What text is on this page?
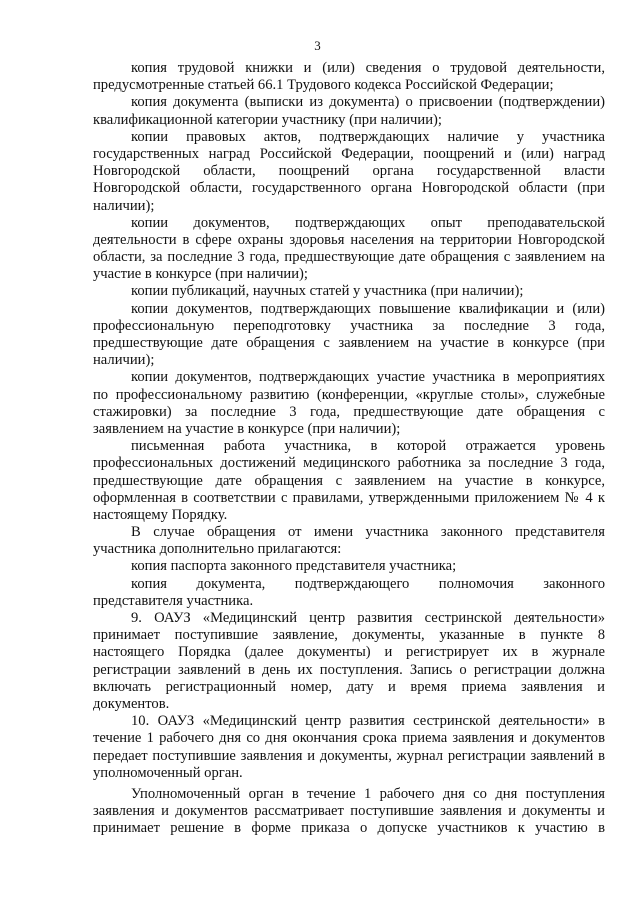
3
копия трудовой книжки и (или) сведения о трудовой деятельности,
предусмотренные статьей 66.1 Трудового кодекса Российской Федерации;
копия документа (выписки из документа) о присвоении (подтверждении)
квалификационной категории участнику (при наличии);
копии правовых актов, подтверждающих наличие у участника
государственных наград Российской Федерации, поощрений и (или) наград
Новгородской области, поощрений органа государственной власти
Новгородской области, государственного органа Новгородской области (при
наличии);
копии документов, подтверждающих опыт преподавательской
деятельности в сфере охраны здоровья населения на территории Новгородской
области, за последние 3 года, предшествующие дате обращения с заявлением на
участие в конкурсе (при наличии);
копии публикаций, научных статей у участника (при наличии);
копии документов, подтверждающих повышение квалификации и (или)
профессиональную переподготовку участника за последние 3 года,
предшествующие дате обращения с заявлением на участие в конкурсе (при
наличии);
копии документов, подтверждающих участие участника в мероприятиях
по профессиональному развитию (конференции, «круглые столы», служебные
стажировки) за последние 3 года, предшествующие дате обращения с
заявлением на участие в конкурсе (при наличии);
письменная работа участника, в которой отражается уровень
профессиональных достижений медицинского работника за последние 3 года,
предшествующие дате обращения с заявлением на участие в конкурсе,
оформленная в соответствии с правилами, утвержденными приложением № 4 к
настоящему Порядку.
В случае обращения от имени участника законного представителя
участника дополнительно прилагаются:
копия паспорта законного представителя участника;
копия документа, подтверждающего полномочия законного
представителя участника.
9. ОАУЗ «Медицинский центр развития сестринской деятельности»
принимает поступившие заявление, документы, указанные в пункте 8
настоящего Порядка (далее документы) и регистрирует их в журнале
регистрации заявлений в день их поступления. Запись о регистрации должна
включать регистрационный номер, дату и время приема заявления и
документов.
10. ОАУЗ «Медицинский центр развития сестринской деятельности» в
течение 1 рабочего дня со дня окончания срока приема заявления и документов
передает поступившие заявления и документы, журнал регистрации заявлений в
уполномоченный орган.
Уполномоченный орган в течение 1 рабочего дня со дня поступления
заявления и документов рассматривает поступившие заявления и документы и
принимает решение в форме приказа о допуске участников к участию в
